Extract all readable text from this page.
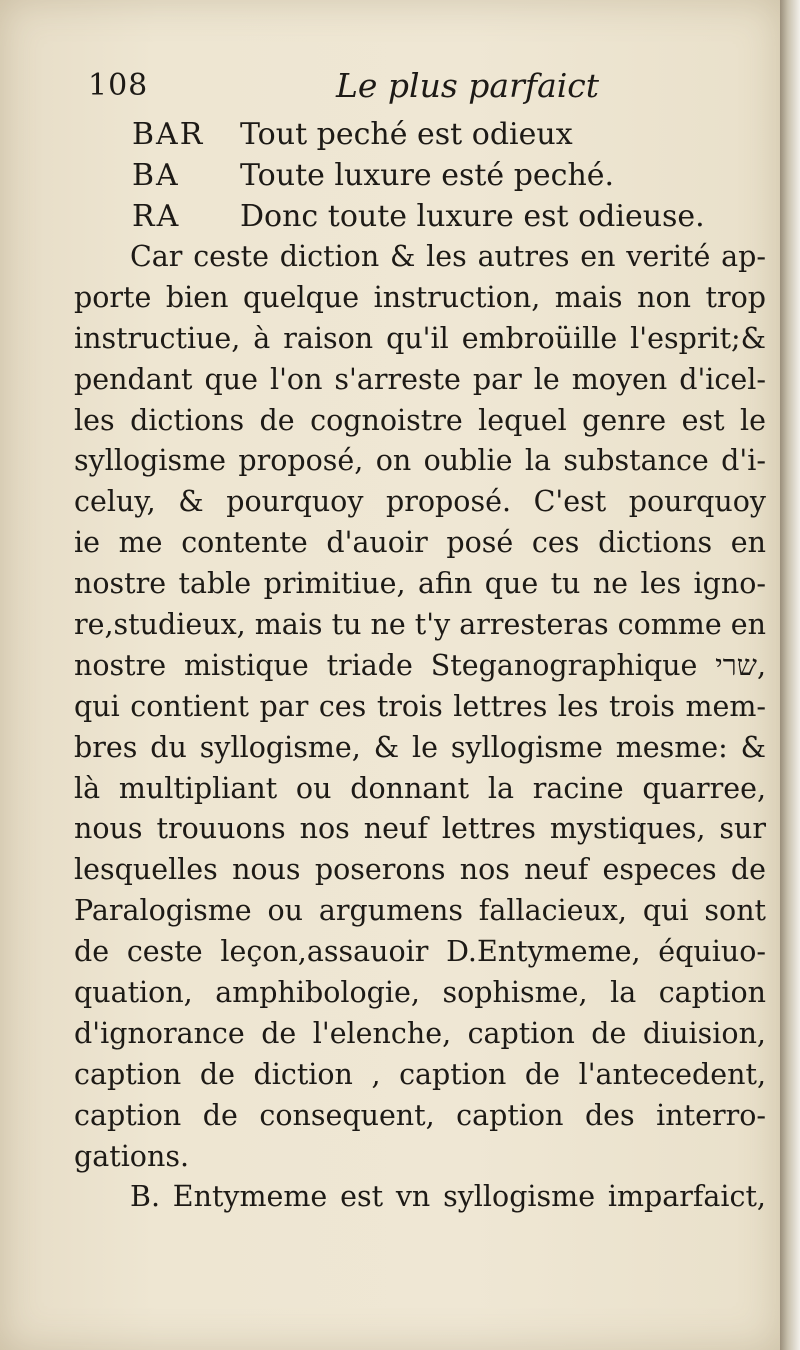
108	Le plus parfaict
BAR Tout peché est odieux
BA Toute luxure esté peché.
RA Donc toute luxure est odieuse.
Car ceste diction & les autres en verité ap-
porte bien quelque instruction, mais non trop
instructiue, à raison qu'il embroüille l'esprit;&
pendant que l'on s'arreste par le moyen d'icel-
les dictions de cognoistre lequel genre est le
syllogisme proposé, on oublie la substance d'i-
celuy, & pourquoy proposé. C'est pourquoy
ie me contente d'auoir posé ces dictions en
nostre table primitiue, afin que tu ne les igno-
re,studieux, mais tu ne t'y arresteras comme en
nostre mistique triade Steganographique שרי,
qui contient par ces trois lettres les trois mem-
bres du syllogisme, & le syllogisme mesme: &
là multipliant ou donnant la racine quarree,
nous trouuons nos neuf lettres mystiques, sur
lesquelles nous poserons nos neuf especes de
Paralogisme ou argumens fallacieux, qui sont
de ceste leçon,assauoir D.Entymeme, équiuo-
quation, amphibologie, sophisme, la caption
d'ignorance de l'elenche, caption de diuision,
caption de diction , caption de l'antecedent,
caption de consequent, caption des interro-
gations.
B. Entymeme est vn syllogisme imparfaict,
